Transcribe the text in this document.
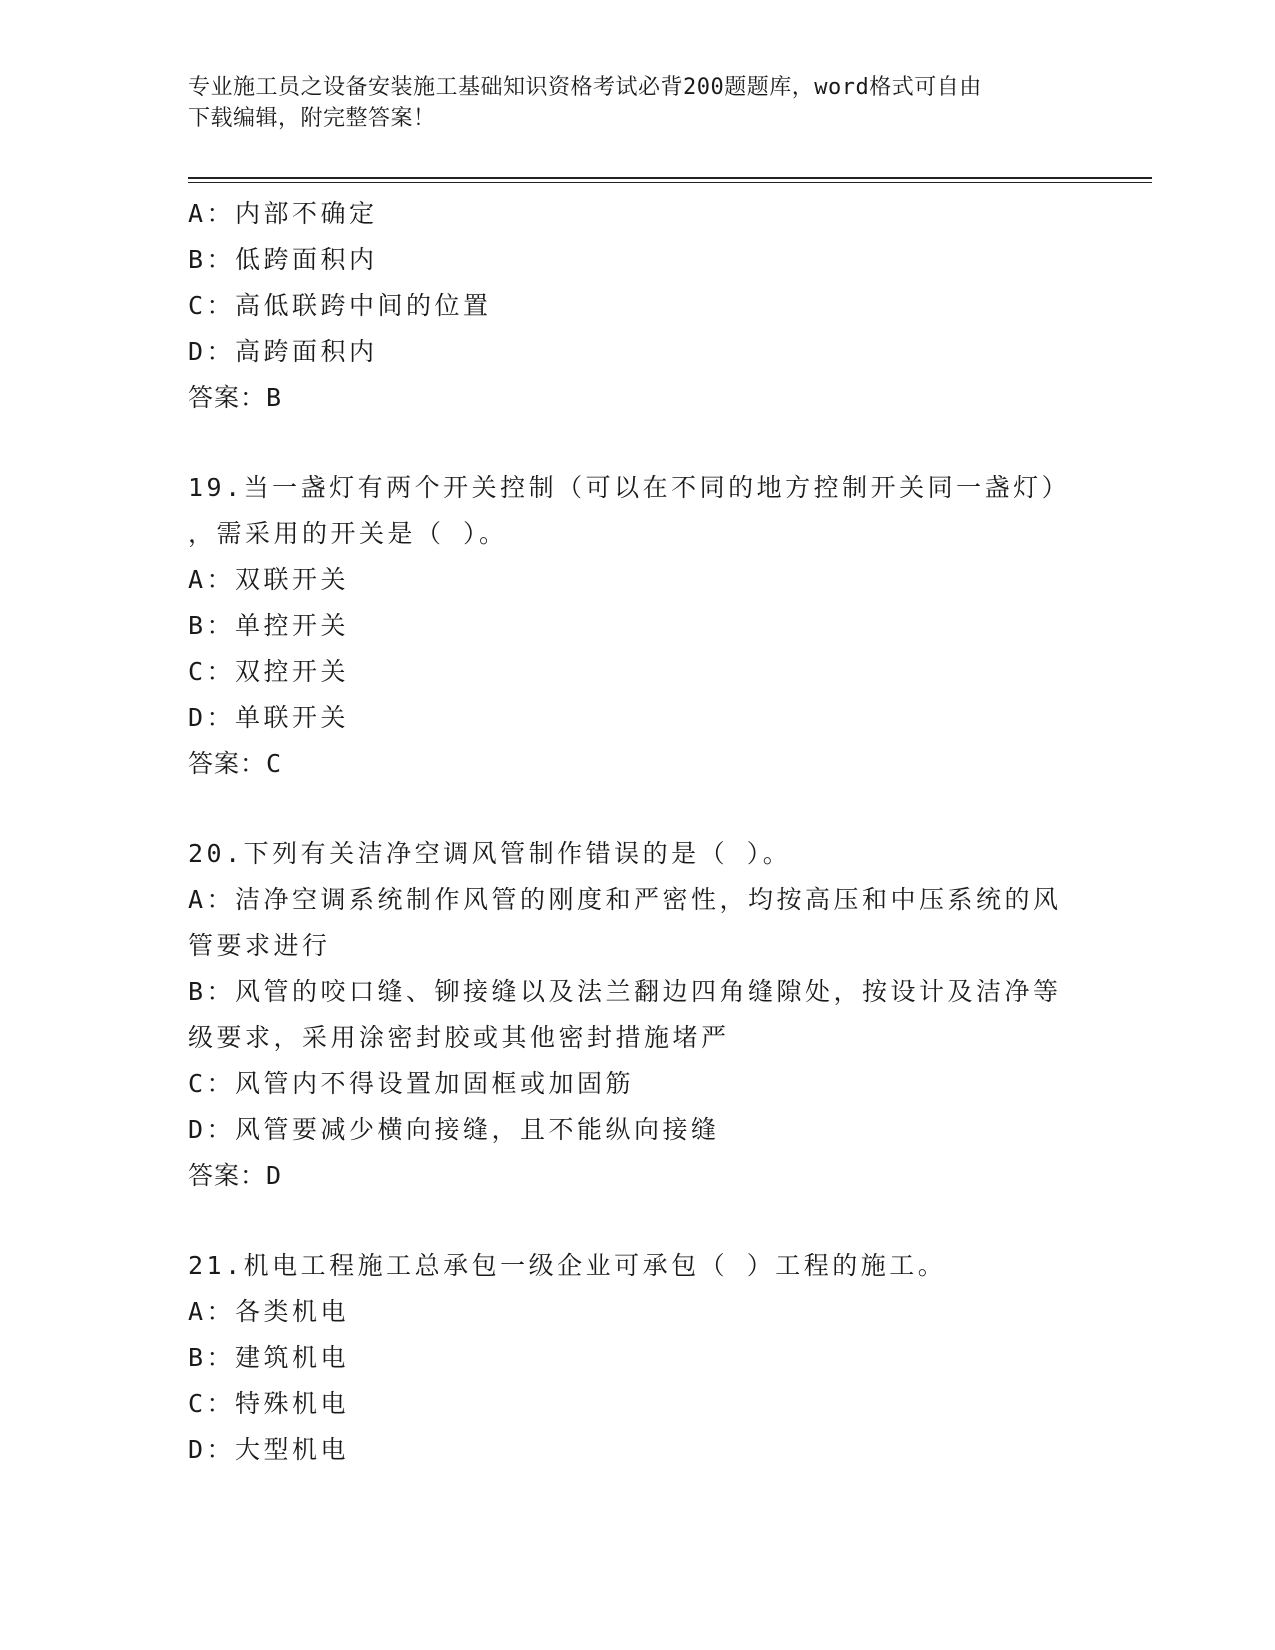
专业施工员之设备安装施工基础知识资格考试必背200题题库，word格式可自由
下载编辑，附完整答案！
A：内部不确定
B：低跨面积内
C：高低联跨中间的位置
D：高跨面积内
答案：B
19.当一盏灯有两个开关控制（可以在不同的地方控制开关同一盏灯）
，需采用的开关是（ ）。
A：双联开关
B：单控开关
C：双控开关
D：单联开关
答案：C
20.下列有关洁净空调风管制作错误的是（ ）。
A：洁净空调系统制作风管的刚度和严密性，均按高压和中压系统的风
管要求进行
B：风管的咬口缝、铆接缝以及法兰翻边四角缝隙处，按设计及洁净等
级要求，采用涂密封胶或其他密封措施堵严
C：风管内不得设置加固框或加固筋
D：风管要减少横向接缝，且不能纵向接缝
答案：D
21.机电工程施工总承包一级企业可承包（ ）工程的施工。
A：各类机电
B：建筑机电
C：特殊机电
D：大型机电
